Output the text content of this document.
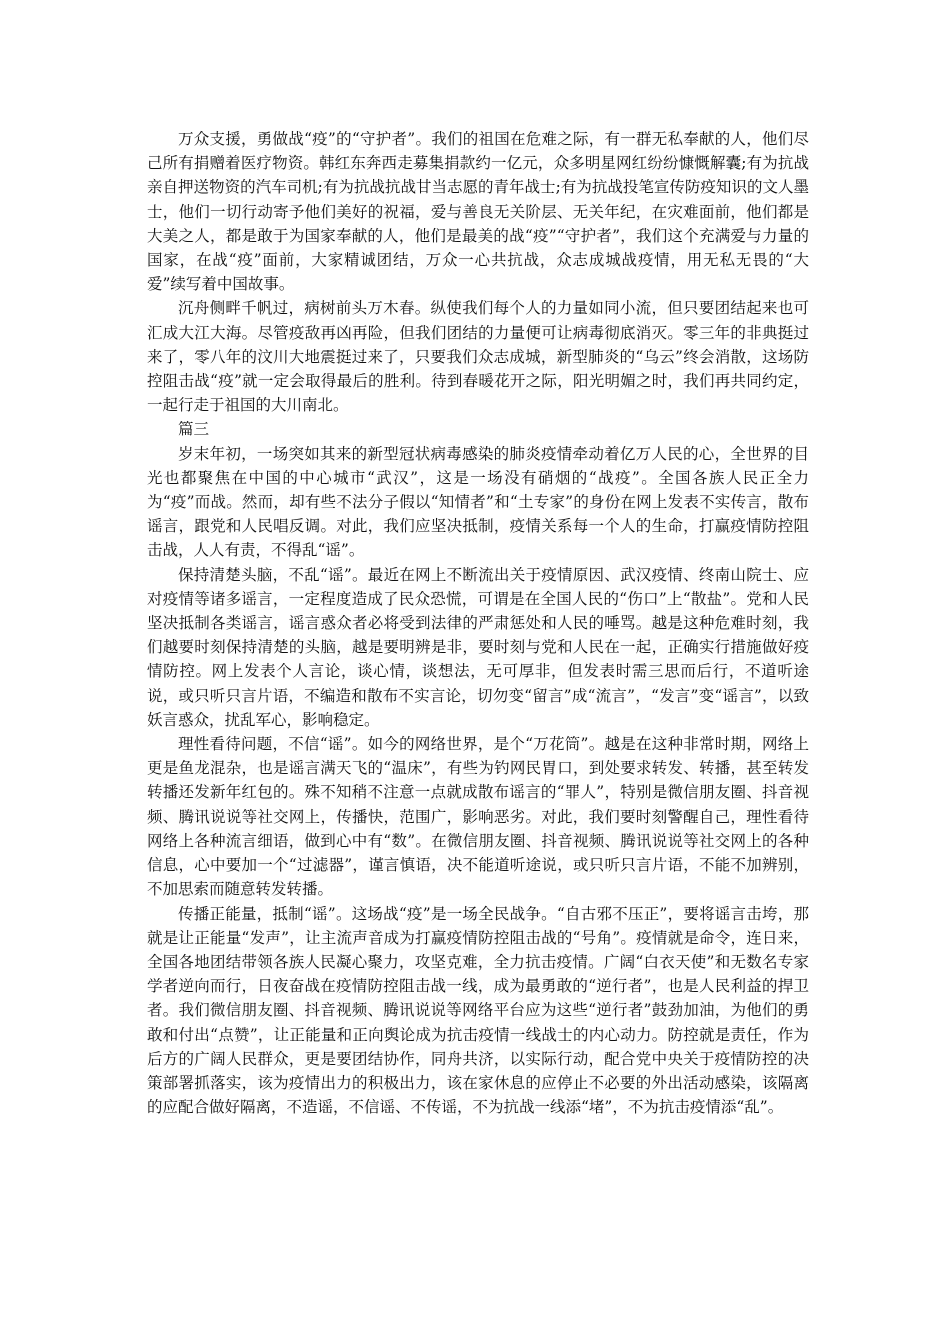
万众支援，勇做战“疫”的“守护者”。我们的祖国在危难之际，有一群无私奉献的人，他们尽己所有捐赠着医疗物资。韩红东奔西走募集捐款约一亿元，众多明星网红纷纷慷慨解囊;有为抗战亲自押送物资的汽车司机;有为抗战抗战甘当志愿的青年战士;有为抗战投笔宣传防疫知识的文人墨士，他们一切行动寄予他们美好的祝福，爱与善良无关阶层、无关年纪，在灾难面前，他们都是大美之人，都是敢于为国家奉献的人，他们是最美的战“疫”“守护者”，我们这个充满爱与力量的国家，在战“疫”面前，大家精诚团结，万众一心共抗战，众志成城战疫情，用无私无畏的“大爱”续写着中国故事。

沉舟侧畔千帆过，病树前头万木春。纵使我们每个人的力量如同小流，但只要团结起来也可汇成大江大海。尽管疫敌再凶再险，但我们团结的力量便可让病毒彻底消灭。零三年的非典挺过来了，零八年的汶川大地震挺过来了，只要我们众志成城，新型肺炎的“乌云”终会消散，这场防控阻击战“疫”就一定会取得最后的胜利。待到春暖花开之际，阳光明媚之时，我们再共同约定，一起行走于祖国的大川南北。

篇三

岁末年初，一场突如其来的新型冠状病毒感染的肺炎疫情牵动着亿万人民的心，全世界的目光也都聚焦在中国的中心城市“武汉”，这是一场没有硝烟的“战疫”。全国各族人民正全力为“疫”而战。然而，却有些不法分子假以“知情者”和“土专家”的身份在网上发表不实传言，散布谣言，跟党和人民唱反调。对此，我们应坚决抵制，疫情关系每一个人的生命，打赢疫情防控阻击战，人人有责，不得乱“谣”。

保持清楚头脑，不乱“谣”。最近在网上不断流出关于疫情原因、武汉疫情、终南山院士、应对疫情等诸多谣言，一定程度造成了民众恐慌，可谓是在全国人民的“伤口”上“散盐”。党和人民坚决抵制各类谣言，谣言惑众者必将受到法律的严肃惩处和人民的唾骂。越是这种危难时刻，我们越要时刻保持清楚的头脑，越是要明辨是非，要时刻与党和人民在一起，正确实行措施做好疫情防控。网上发表个人言论，谈心情，谈想法，无可厚非，但发表时需三思而后行，不道听途说，或只听只言片语，不编造和散布不实言论，切勿变“留言”成“流言”，“发言”变“谣言”，以致妖言惑众，扰乱军心，影响稳定。

理性看待问题，不信“谣”。如今的网络世界，是个“万花筒”。越是在这种非常时期，网络上更是鱼龙混杂，也是谣言满天飞的“温床”，有些为钓网民胃口，到处要求转发、转播，甚至转发转播还发新年红包的。殊不知稍不注意一点就成散布谣言的“罪人”，特别是微信朋友圈、抖音视频、腾讯说说等社交网上，传播快，范围广，影响恶劣。对此，我们要时刻警醒自己，理性看待网络上各种流言细语，做到心中有“数”。在微信朋友圈、抖音视频、腾讯说说等社交网上的各种信息，心中要加一个“过滤器”，谨言慎语，决不能道听途说，或只听只言片语，不能不加辨别，不加思索而随意转发转播。

传播正能量，抵制“谣”。这场战“疫”是一场全民战争。“自古邪不压正”，要将谣言击垮，那就是让正能量“发声”，让主流声音成为打赢疫情防控阻击战的“号角”。疫情就是命令，连日来，全国各地团结带领各族人民凝心聚力，攻坚克难，全力抗击疫情。广阔“白衣天使”和无数名专家学者逆向而行，日夜奋战在疫情防控阻击战一线，成为最勇敢的“逆行者”，也是人民利益的捍卫者。我们微信朋友圈、抖音视频、腾讯说说等网络平台应为这些“逆行者”鼓劲加油，为他们的勇敢和付出“点赞”，让正能量和正向舆论成为抗击疫情一线战士的内心动力。防控就是责任，作为后方的广阔人民群众，更是要团结协作，同舟共济，以实际行动，配合党中央关于疫情防控的决策部署抓落实，该为疫情出力的积极出力，该在家休息的应停止不必要的外出活动感染，该隔离的应配合做好隔离，不造谣，不信谣、不传谣，不为抗战一线添“堵”，不为抗击疫情添“乱”。
